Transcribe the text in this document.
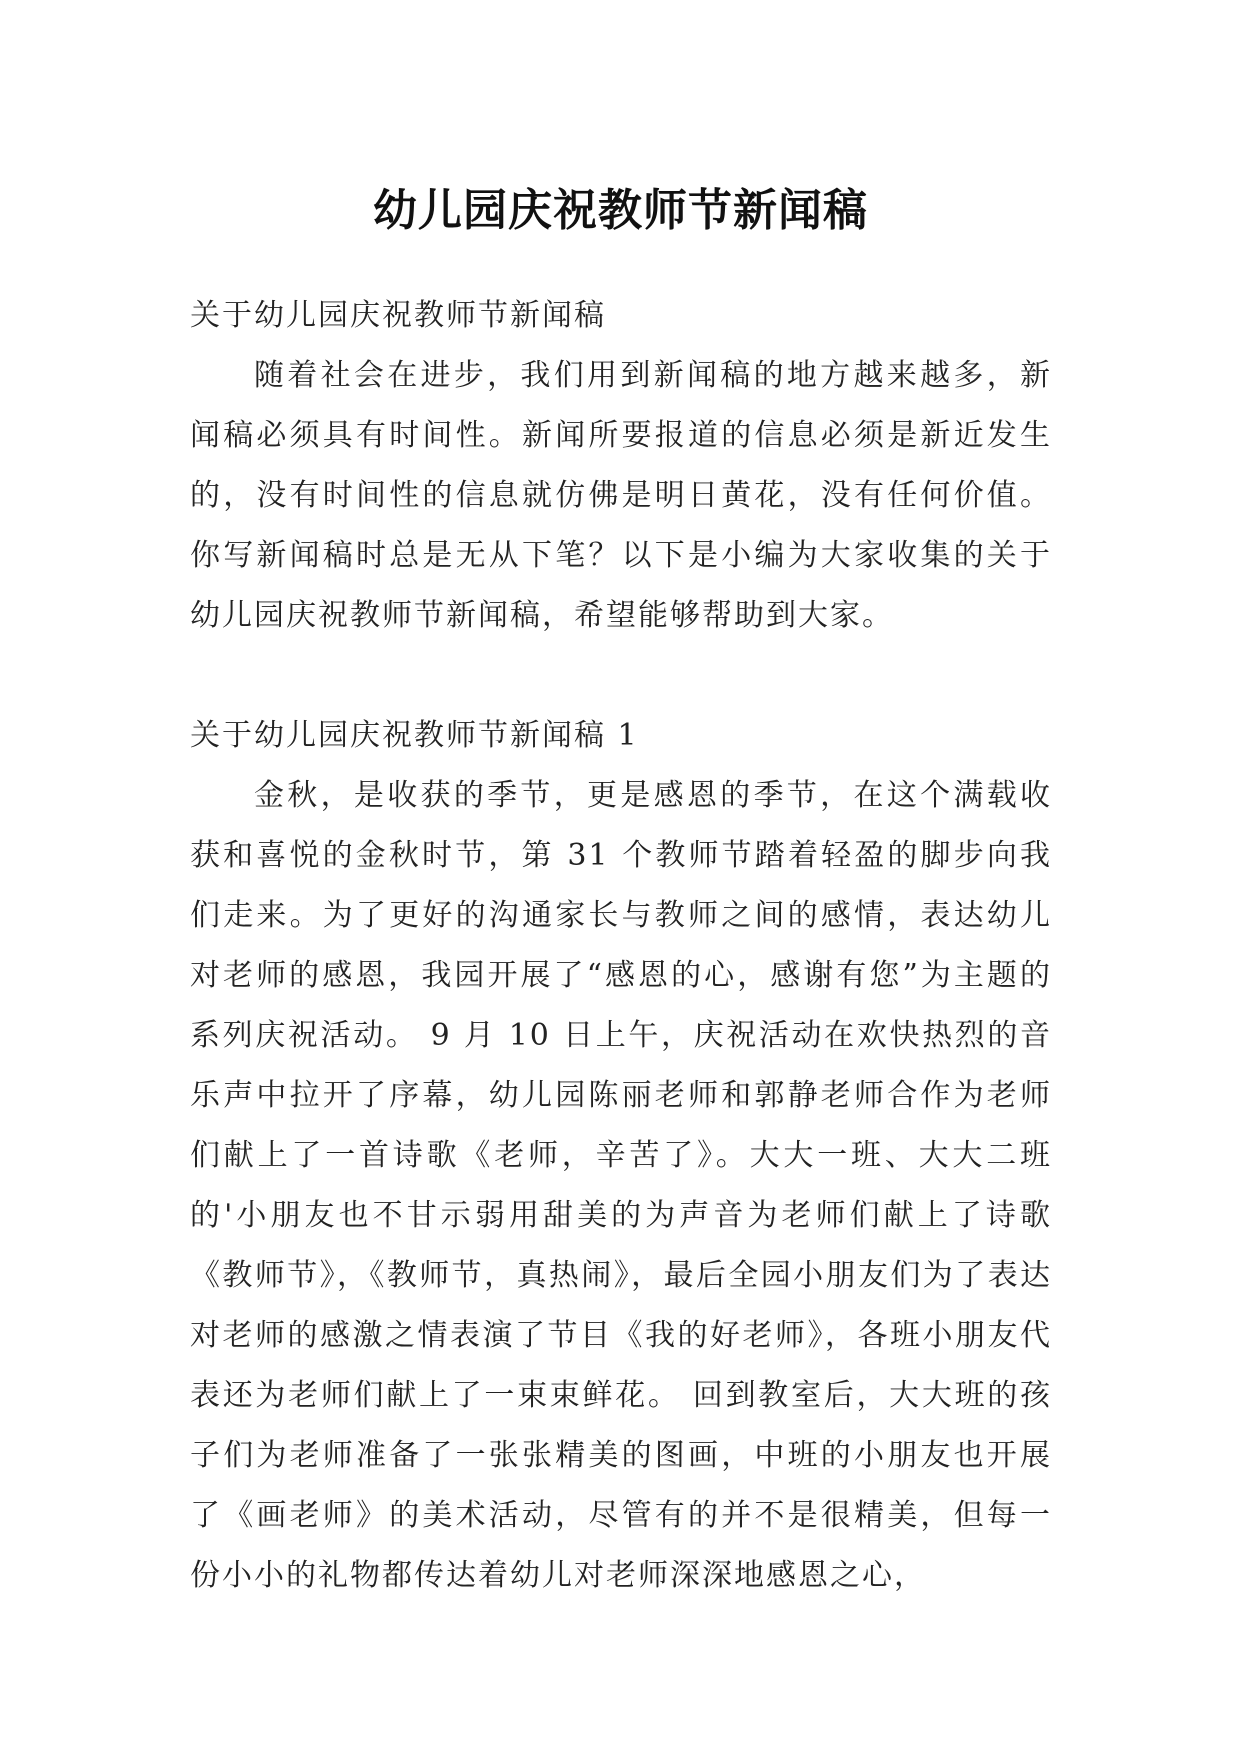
幼儿园庆祝教师节新闻稿

关于幼儿园庆祝教师节新闻稿

随着社会在进步，我们用到新闻稿的地方越来越多，新闻稿必须具有时间性。新闻所要报道的信息必须是新近发生的，没有时间性的信息就仿佛是明日黄花，没有任何价值。你写新闻稿时总是无从下笔？以下是小编为大家收集的关于幼儿园庆祝教师节新闻稿，希望能够帮助到大家。

关于幼儿园庆祝教师节新闻稿 1

金秋，是收获的季节，更是感恩的季节，在这个满载收获和喜悦的金秋时节，第 31 个教师节踏着轻盈的脚步向我们走来。为了更好的沟通家长与教师之间的感情，表达幼儿对老师的感恩，我园开展了“感恩的心，感谢有您”为主题的系列庆祝活动。 9 月 10 日上午，庆祝活动在欢快热烈的音乐声中拉开了序幕，幼儿园陈丽老师和郭静老师合作为老师们献上了一首诗歌《老师，辛苦了》。大大一班、大大二班的'小朋友也不甘示弱用甜美的为声音为老师们献上了诗歌《教师节》，《教师节，真热闹》，最后全园小朋友们为了表达对老师的感激之情表演了节目《我的好老师》，各班小朋友代表还为老师们献上了一束束鲜花。 回到教室后，大大班的孩子们为老师准备了一张张精美的图画，中班的小朋友也开展了《画老师》的美术活动，尽管有的并不是很精美，但每一份小小的礼物都传达着幼儿对老师深深地感恩之心，
